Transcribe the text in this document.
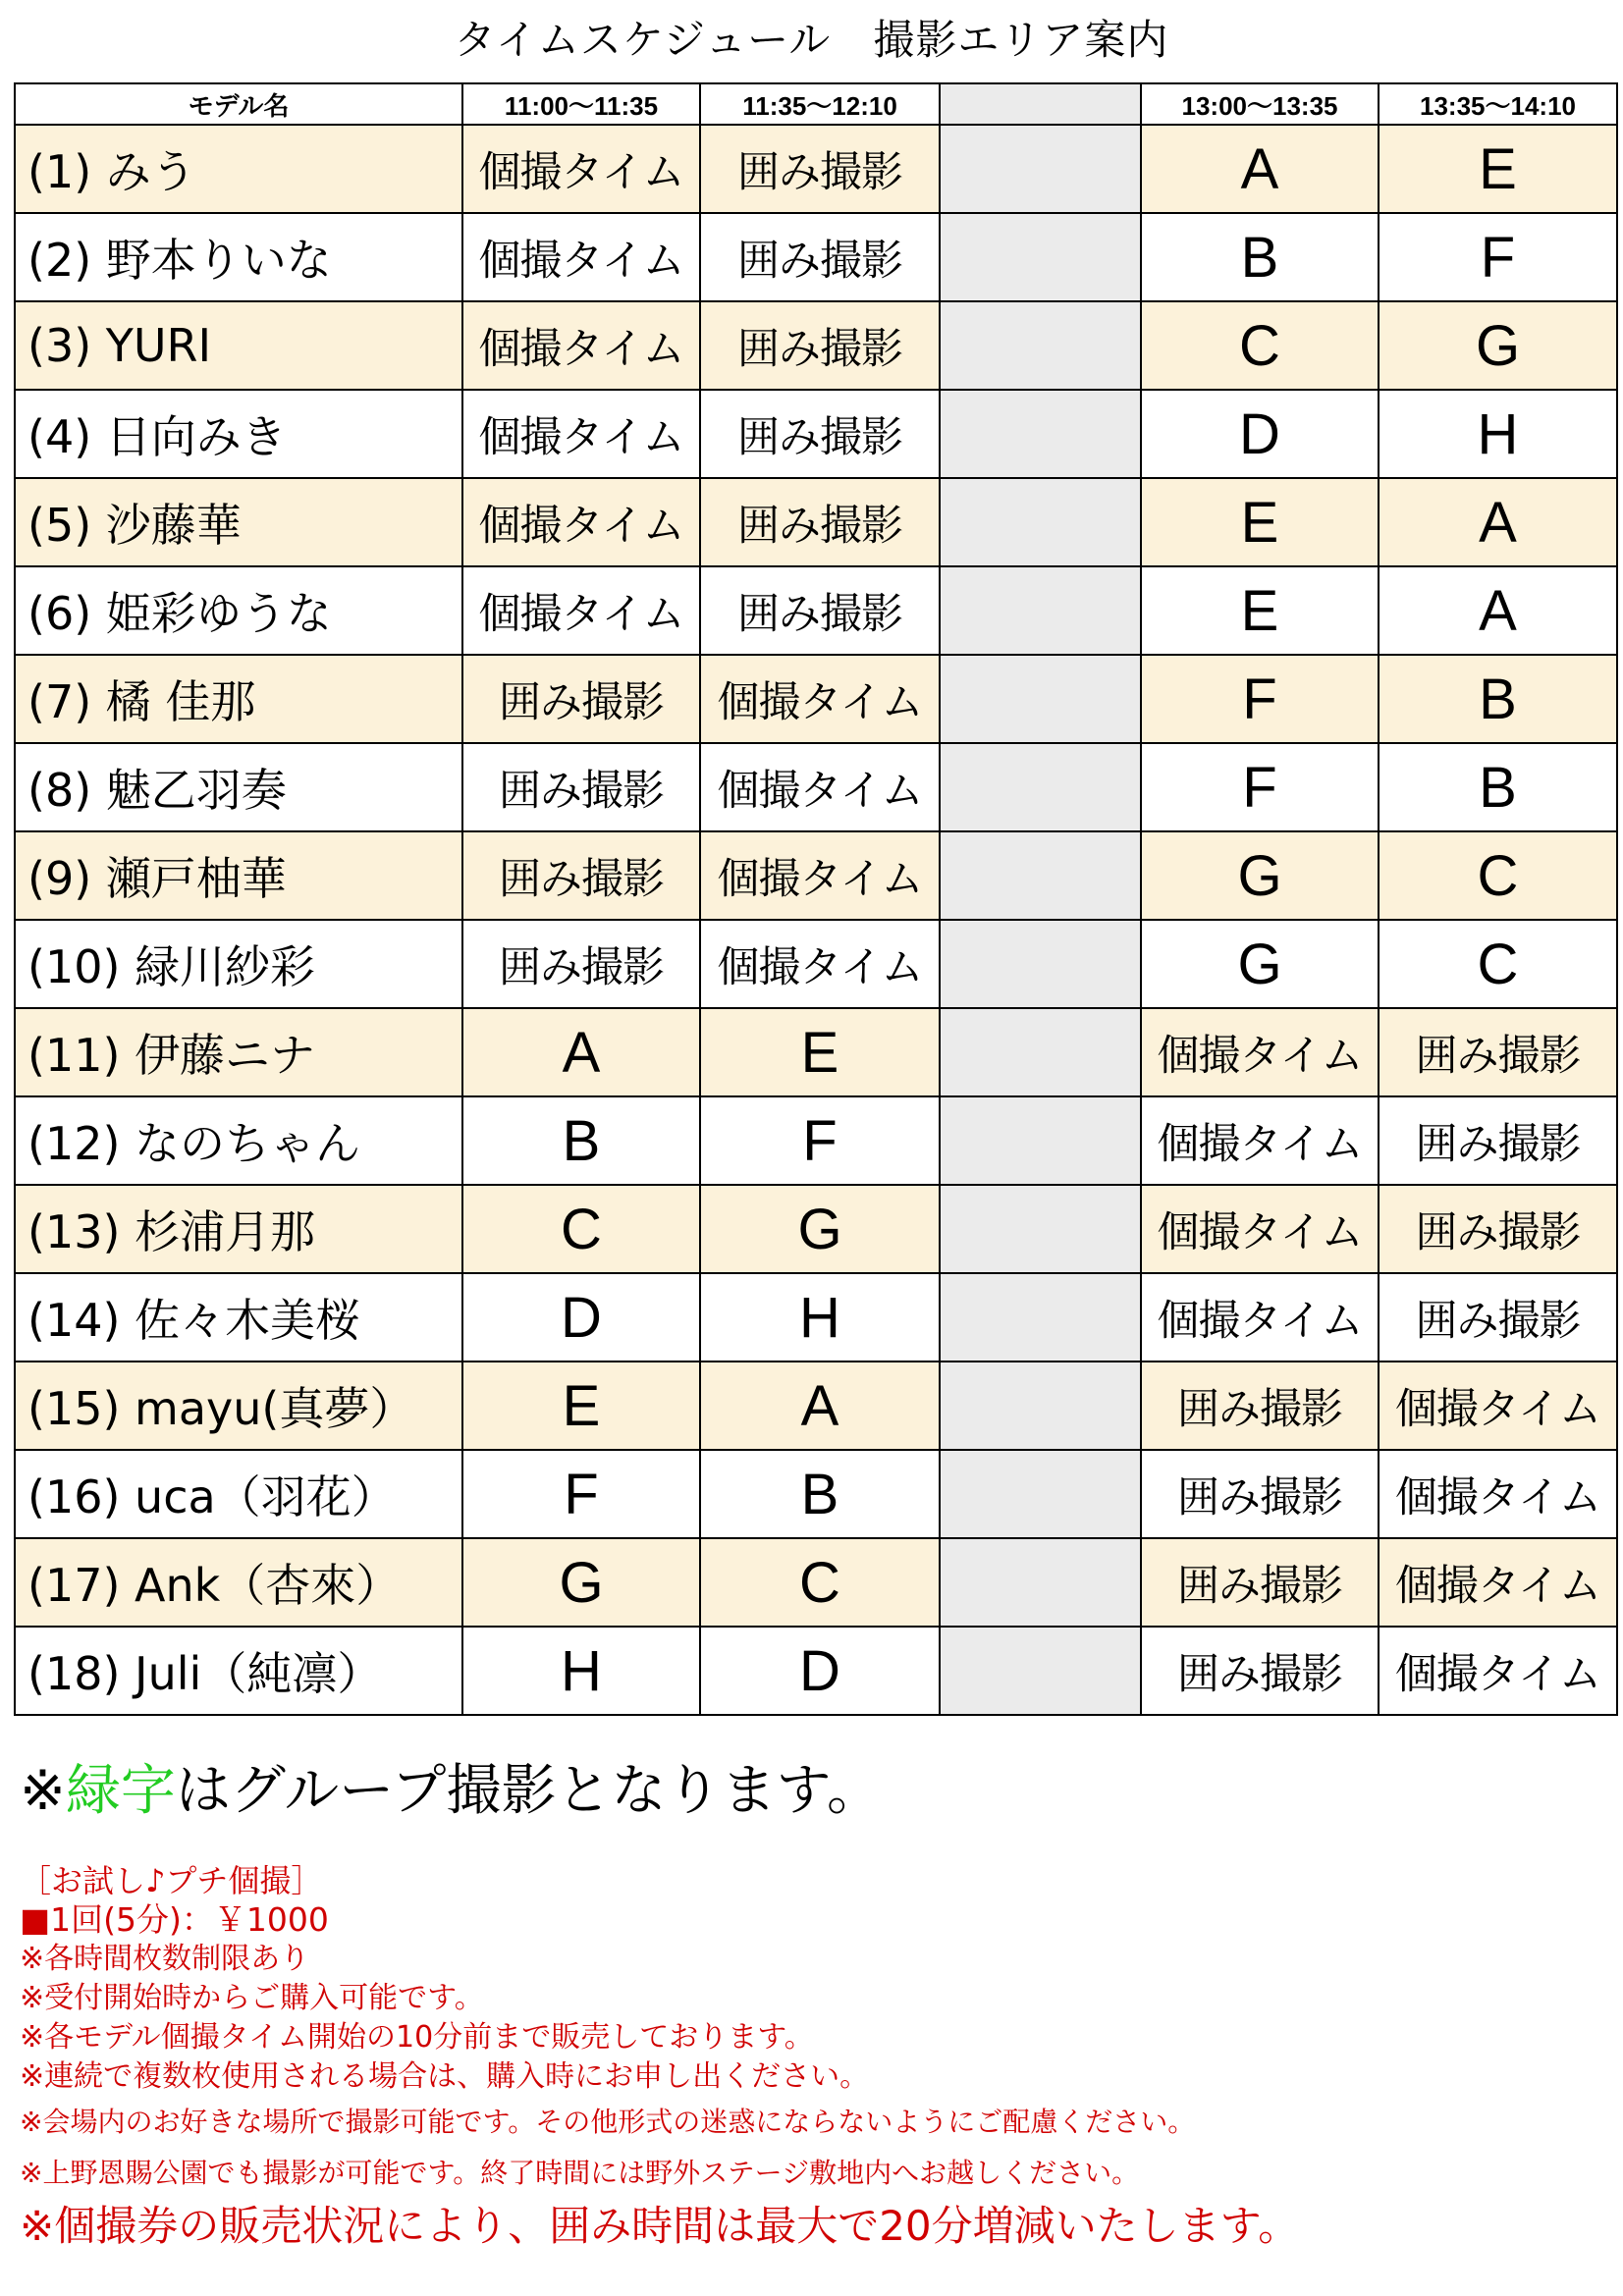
タイムスケジュール　撮影エリア案内
モデル名	11:00〜11:35	11:35〜12:10		13:00〜13:35	13:35〜14:10
(1) みう	個撮タイム	囲み撮影		A	E
(2) 野本りいな	個撮タイム	囲み撮影		B	F
(3) YURI	個撮タイム	囲み撮影		C	G
(4) 日向みき	個撮タイム	囲み撮影		D	H
(5) 沙藤華	個撮タイム	囲み撮影		E	A
(6) 姫彩ゆうな	個撮タイム	囲み撮影		E	A
(7) 橘 佳那	囲み撮影	個撮タイム		F	B
(8) 魅乙羽奏	囲み撮影	個撮タイム		F	B
(9) 瀬戸柚華	囲み撮影	個撮タイム		G	C
(10) 緑川紗彩	囲み撮影	個撮タイム		G	C
(11) 伊藤ニナ	A	E		個撮タイム	囲み撮影
(12) なのちゃん	B	F		個撮タイム	囲み撮影
(13) 杉浦月那	C	G		個撮タイム	囲み撮影
(14) 佐々木美桜	D	H		個撮タイム	囲み撮影
(15) mayu(真夢）	E	A		囲み撮影	個撮タイム
(16) uca（羽花）	F	B		囲み撮影	個撮タイム
(17) Ank（杏來）	G	C		囲み撮影	個撮タイム
(18) Juli（純凛）	H	D		囲み撮影	個撮タイム
※緑字はグループ撮影となります。
［お試し♪プチ個撮］
■1回(5分)：￥1000
※各時間枚数制限あり
※受付開始時からご購入可能です。
※各モデル個撮タイム開始の10分前まで販売しております。
※連続で複数枚使用される場合は、購入時にお申し出ください。
※会場内のお好きな場所で撮影可能です。その他形式の迷惑にならないようにご配慮ください。
※上野恩賜公園でも撮影が可能です。終了時間には野外ステージ敷地内へお越しください。
※個撮券の販売状況により、囲み時間は最大で20分増減いたします。
